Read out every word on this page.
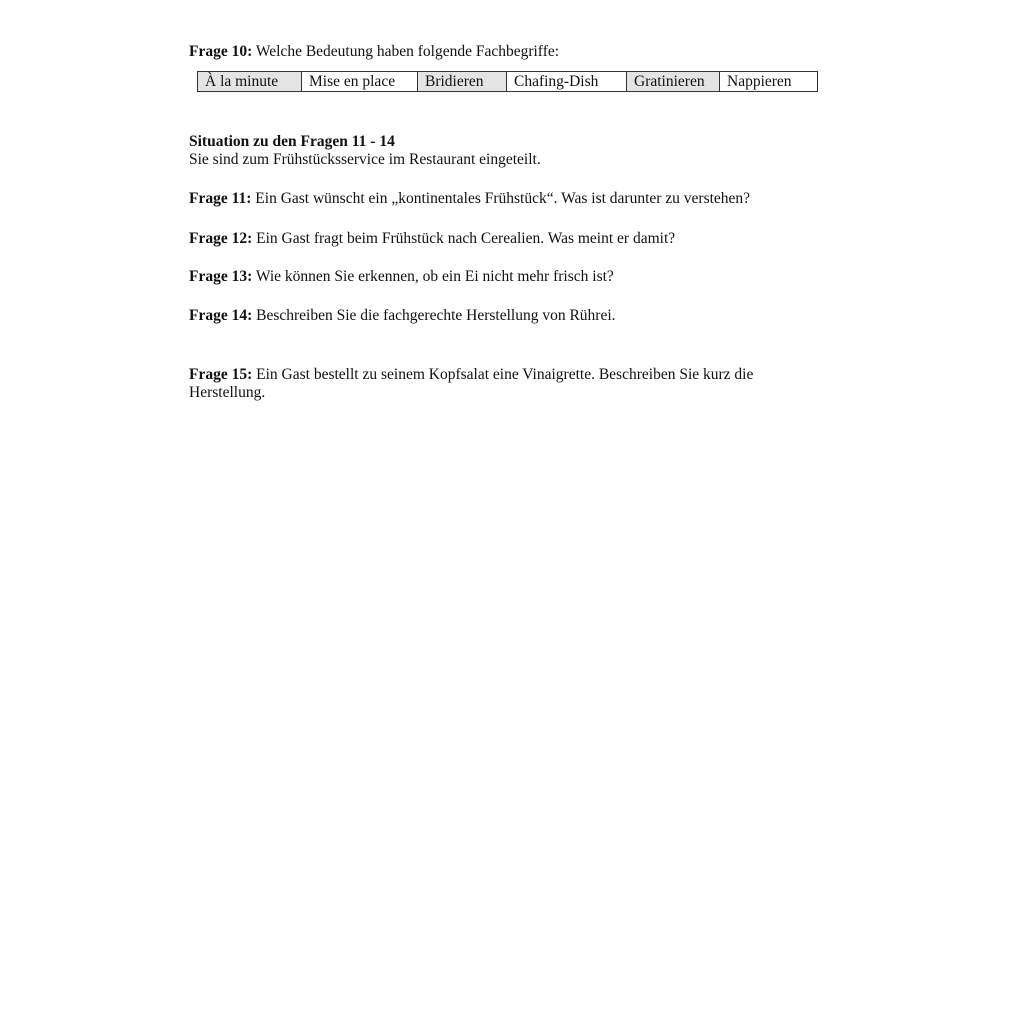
Frage 10: Welche Bedeutung haben folgende Fachbegriffe:
À la minute	Mise en place	Bridieren	Chafing-Dish	Gratinieren	Nappieren
Situation zu den Fragen 11 - 14
Sie sind zum Frühstücksservice im Restaurant eingeteilt.
Frage 11: Ein Gast wünscht ein „kontinentales Frühstück“. Was ist darunter zu verstehen?
Frage 12: Ein Gast fragt beim Frühstück nach Cerealien. Was meint er damit?
Frage 13: Wie können Sie erkennen, ob ein Ei nicht mehr frisch ist?
Frage 14: Beschreiben Sie die fachgerechte Herstellung von Rührei.
Frage 15: Ein Gast bestellt zu seinem Kopfsalat eine Vinaigrette. Beschreiben Sie kurz die Herstellung.
